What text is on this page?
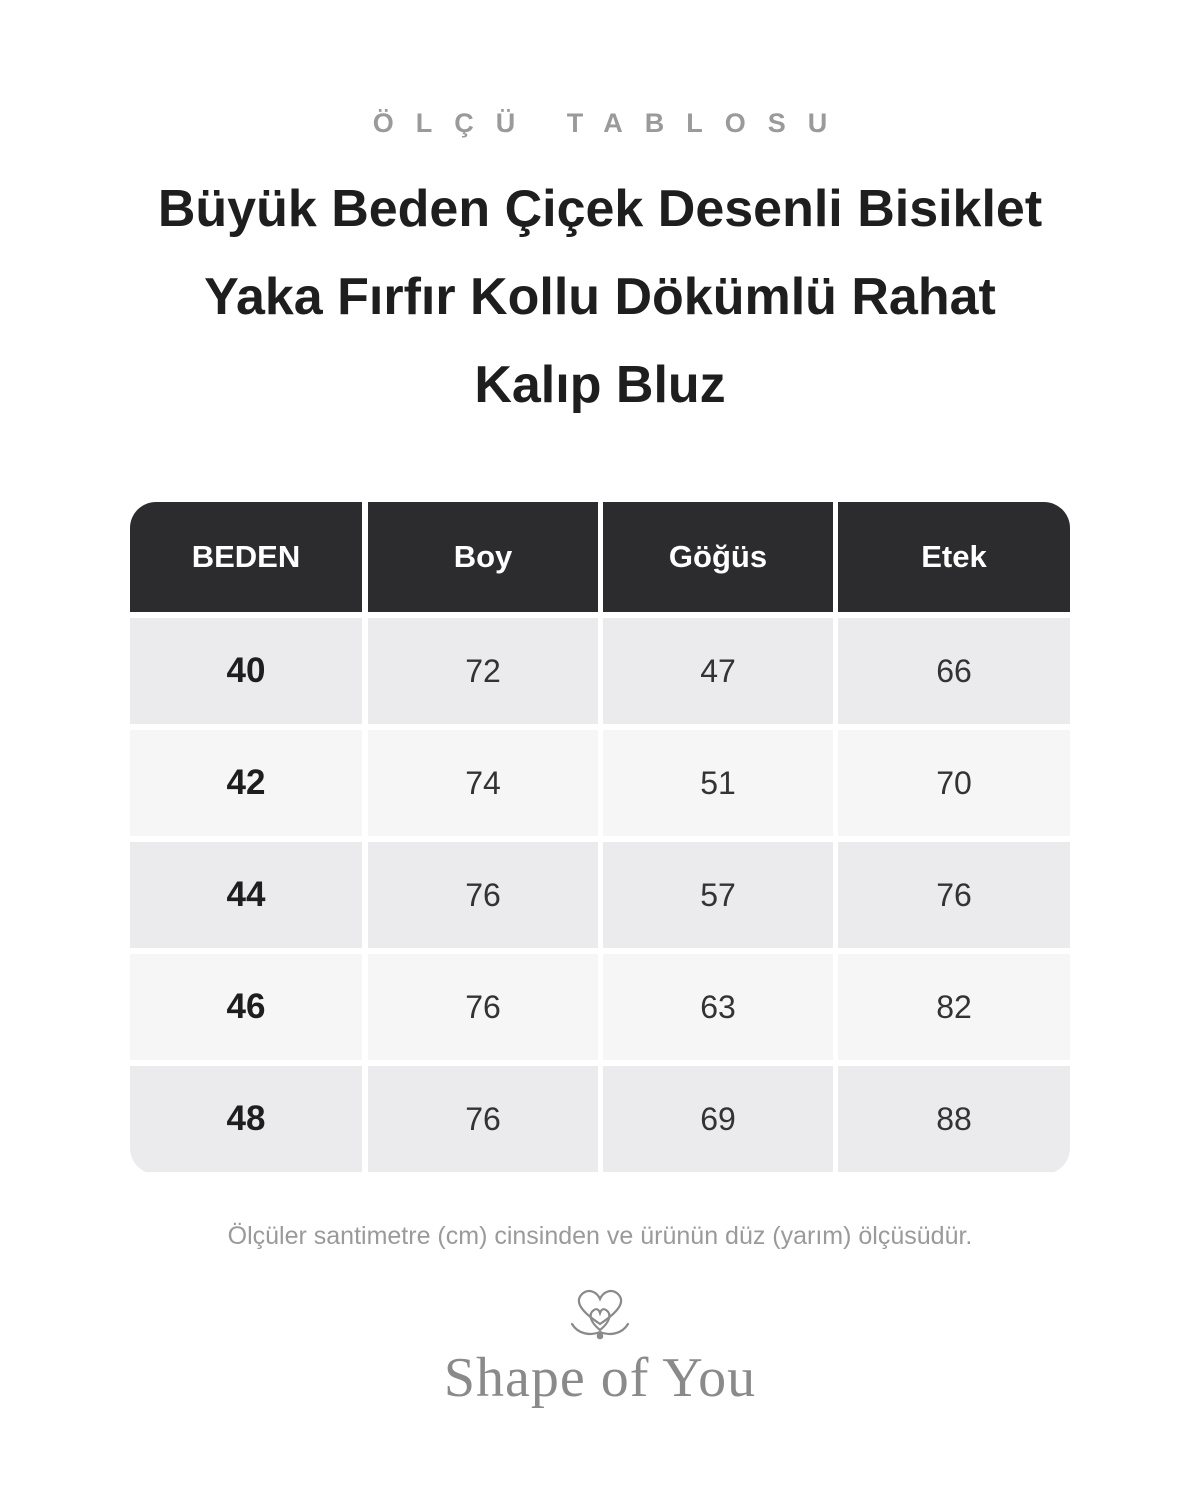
ÖLÇÜ TABLOSU
Büyük Beden Çiçek Desenli Bisiklet
Yaka Fırfır Kollu Dökümlü Rahat
Kalıp Bluz
BEDEN	Boy	Göğüs	Etek
40	72	47	66
42	74	51	70
44	76	57	76
46	76	63	82
48	76	69	88
Ölçüler santimetre (cm) cinsinden ve ürünün düz (yarım) ölçüsüdür.
Shape of You
